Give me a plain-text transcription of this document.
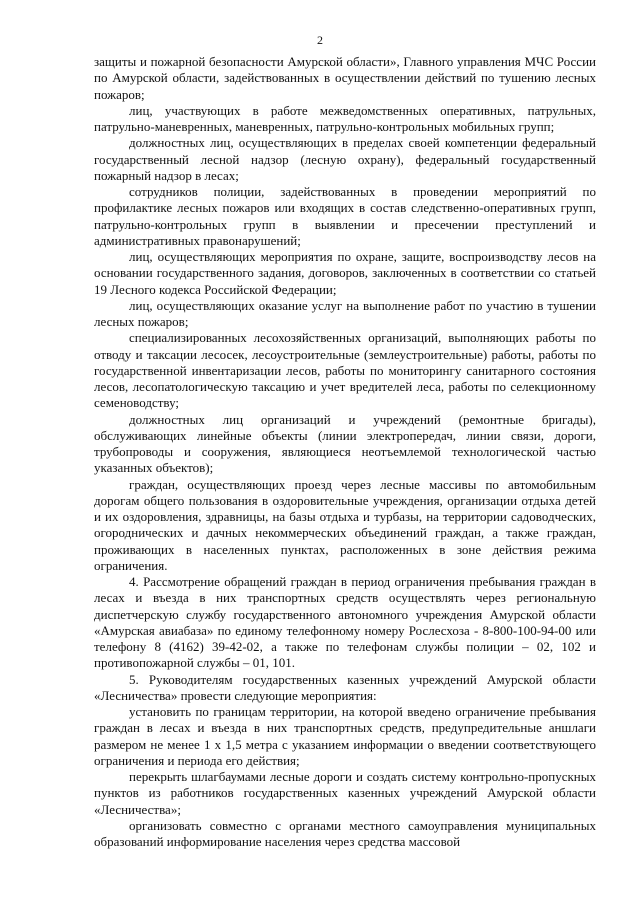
2

защиты и пожарной безопасности Амурской области», Главного управления МЧС России по Амурской области, задействованных в осуществлении действий по тушению лесных пожаров;

лиц, участвующих в работе межведомственных оперативных, патрульных, патрульно-маневренных, маневренных, патрульно-контрольных мобильных групп;

должностных лиц, осуществляющих в пределах своей компетенции федеральный государственный лесной надзор (лесную охрану), федеральный государственный пожарный надзор в лесах;

сотрудников полиции, задействованных в проведении мероприятий по профилактике лесных пожаров или входящих в состав следственно-оперативных групп, патрульно-контрольных групп в выявлении и пресечении преступлений и административных правонарушений;

лиц, осуществляющих мероприятия по охране, защите, воспроизводству лесов на основании государственного задания, договоров, заключенных в соответствии со статьей 19 Лесного кодекса Российской Федерации;

лиц, осуществляющих оказание услуг на выполнение работ по участию в тушении лесных пожаров;

специализированных лесохозяйственных организаций, выполняющих работы по отводу и таксации лесосек, лесоустроительные (землеустроительные) работы, работы по государственной инвентаризации лесов, работы по мониторингу санитарного состояния лесов, лесопатологическую таксацию и учет вредителей леса, работы по селекционному семеноводству;

должностных лиц организаций и учреждений (ремонтные бригады), обслуживающих линейные объекты (линии электропередач, линии связи, дороги, трубопроводы и сооружения, являющиеся неотъемлемой технологической частью указанных объектов);

граждан, осуществляющих проезд через лесные массивы по автомобильным дорогам общего пользования в оздоровительные учреждения, организации отдыха детей и их оздоровления, здравницы, на базы отдыха и турбазы, на территории садоводческих, огороднических и дачных некоммерческих объединений граждан, а также граждан, проживающих в населенных пунктах, расположенных в зоне действия режима ограничения.

4. Рассмотрение обращений граждан в период ограничения пребывания граждан в лесах и въезда в них транспортных средств осуществлять через региональную диспетчерскую службу государственного автономного учреждения Амурской области «Амурская авиабаза» по единому телефонному номеру Рослесхоза - 8-800-100-94-00 или телефону 8 (4162) 39-42-02, а также по телефонам службы полиции – 02, 102 и противопожарной службы – 01, 101.

5. Руководителям государственных казенных учреждений Амурской области «Лесничества» провести следующие мероприятия:

установить по границам территории, на которой введено ограничение пребывания граждан в лесах и въезда в них транспортных средств, предупредительные аншлаги размером не менее 1 х 1,5 метра с указанием информации о введении соответствующего ограничения и периода его действия;

перекрыть шлагбаумами лесные дороги и создать систему контрольно-пропускных пунктов из работников государственных казенных учреждений Амурской области «Лесничества»;

организовать совместно с органами местного самоуправления муниципальных образований информирование населения через средства массовой
